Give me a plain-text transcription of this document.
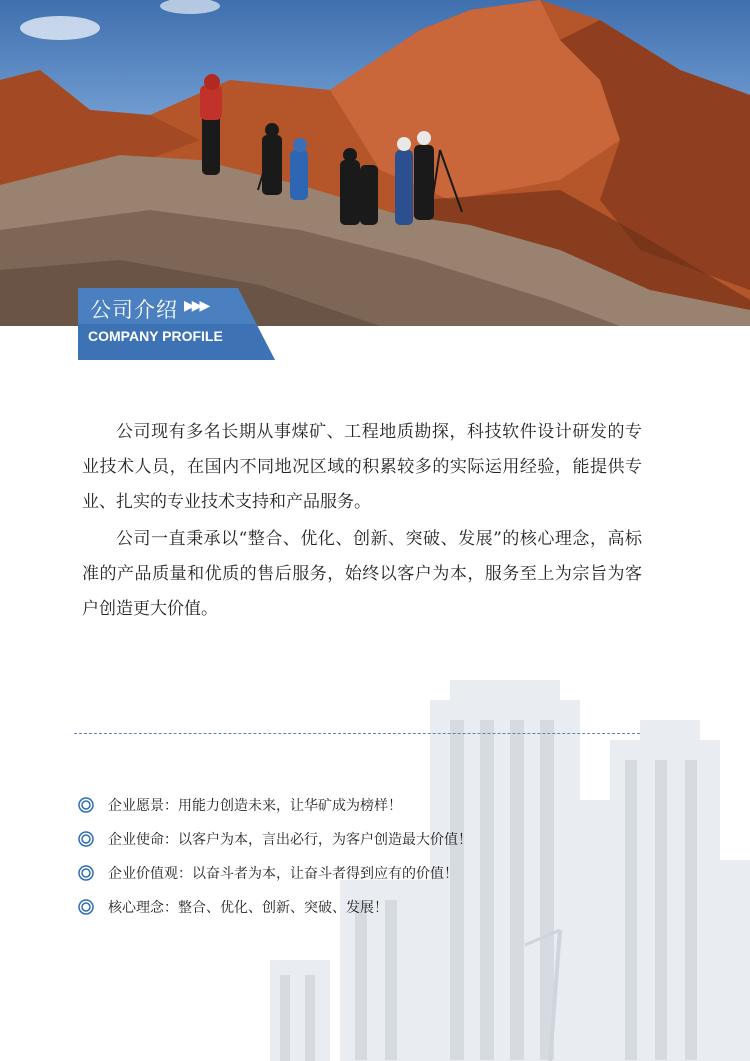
公司介绍 ▶▶▶
COMPANY PROFILE

公司现有多名长期从事煤矿、工程地质勘探，科技软件设计研发的专业技术人员，在国内不同地况区域的积累较多的实际运用经验，能提供专业、扎实的专业技术支持和产品服务。

公司一直秉承以“整合、优化、创新、突破、发展”的核心理念，高标准的产品质量和优质的售后服务，始终以客户为本，服务至上为宗旨为客户创造更大价值。

企业愿景：用能力创造未来，让华矿成为榜样！
企业使命：以客户为本，言出必行，为客户创造最大价值！
企业价值观：以奋斗者为本，让奋斗者得到应有的价值！
核心理念：整合、优化、创新、突破、发展！
